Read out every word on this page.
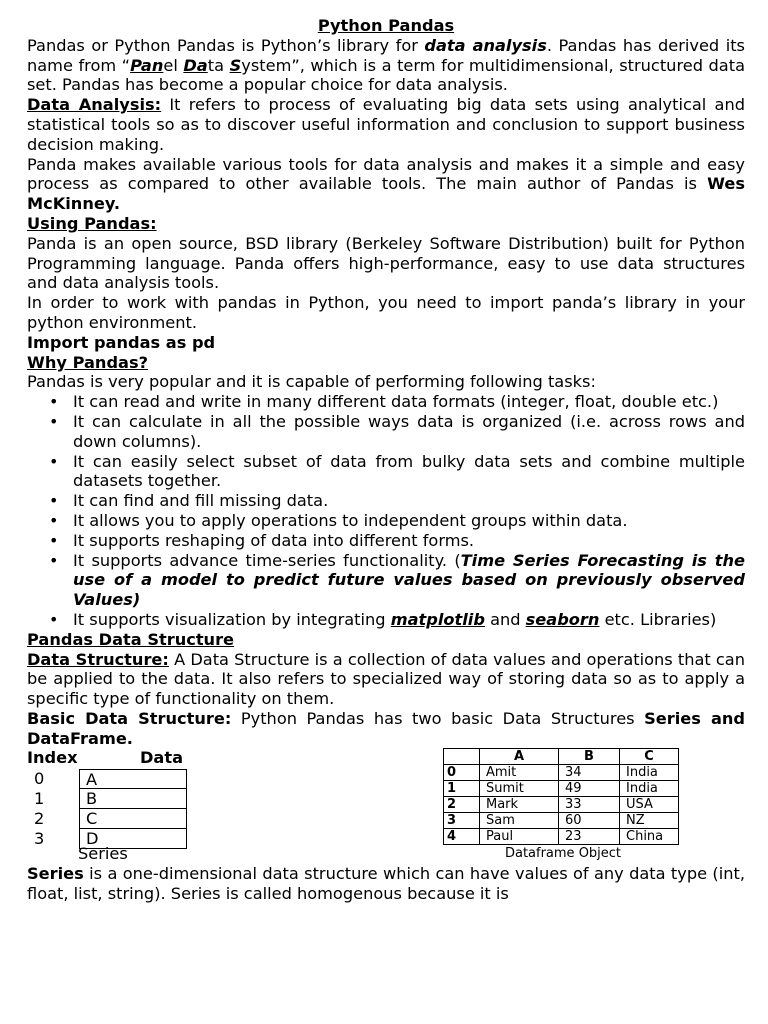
Python Pandas

Pandas or Python Pandas is Python’s library for data analysis. Pandas has derived its name from “Panel Data System”, which is a term for multidimensional, structured data set. Pandas has become a popular choice for data analysis.

Data Analysis: It refers to process of evaluating big data sets using analytical and statistical tools so as to discover useful information and conclusion to support business decision making.

Panda makes available various tools for data analysis and makes it a simple and easy process as compared to other available tools. The main author of Pandas is Wes McKinney.

Using Pandas:

Panda is an open source, BSD library (Berkeley Software Distribution) built for Python Programming language. Panda offers high-performance, easy to use data structures and data analysis tools.

In order to work with pandas in Python, you need to import panda’s library in your python environment.

Import pandas as pd

Why Pandas?

Pandas is very popular and it is capable of performing following tasks:

• It can read and write in many different data formats (integer, float, double etc.)
• It can calculate in all the possible ways data is organized (i.e. across rows and down columns).
• It can easily select subset of data from bulky data sets and combine multiple datasets together.
• It can find and fill missing data.
• It allows you to apply operations to independent groups within data.
• It supports reshaping of data into different forms.
• It supports advance time-series functionality. (Time Series Forecasting is the use of a model to predict future values based on previously observed Values)
• It supports visualization by integrating matplotlib and seaborn etc. Libraries)

Pandas Data Structure

Data Structure: A Data Structure is a collection of data values and operations that can be applied to the data. It also refers to specialized way of storing data so as to apply a specific type of functionality on them.

Basic Data Structure: Python Pandas has two basic Data Structures Series and DataFrame.

Index	Data
0	A
1	B
2	C
3	D
Series
	A	B	C
0	Amit	34	India
1	Sumit	49	India
2	Mark	33	USA
3	Sam	60	NZ
4	Paul	23	China
Dataframe Object

Series is a one-dimensional data structure which can have values of any data type (int, float, list, string). Series is called homogenous because it is
